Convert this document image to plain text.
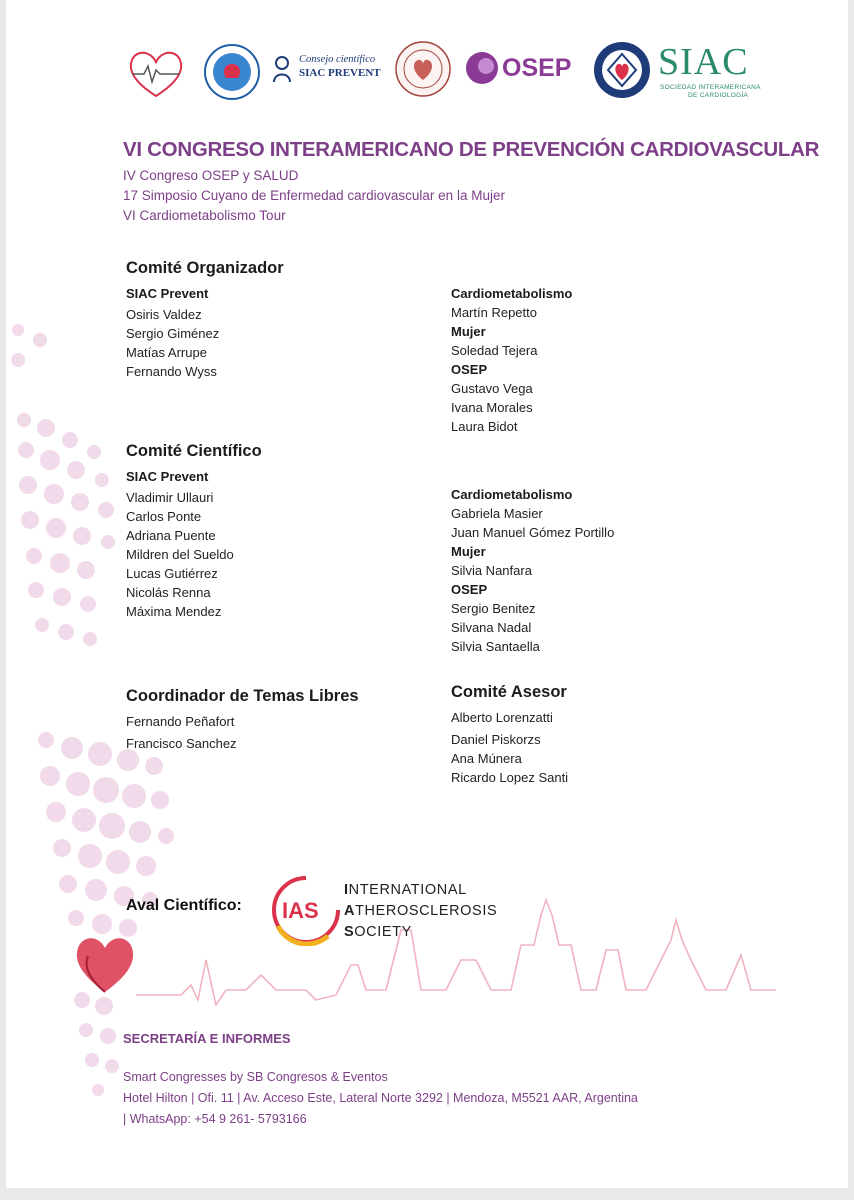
Consejo científico
SIAC PREVENT	OSEP SIAC
SOCIEDAD INTERAMERICANA
DE CARDIOLOGÍA
VI CONGRESO INTERAMERICANO DE PREVENCIÓN CARDIOVASCULAR
IV Congreso OSEP y SALUD
17 Simposio Cuyano de Enfermedad cardiovascular en la Mujer
VI Cardiometabolismo Tour
Comité Organizador
SIAC Prevent
Osiris Valdez
Sergio Giménez
Matías Arrupe
Fernando Wyss
Cardiometabolismo
Martín Repetto
Mujer
Soledad Tejera
OSEP
Gustavo Vega
Ivana Morales
Laura Bidot
Comité Científico
SIAC Prevent
Vladimir Ullauri
Carlos Ponte
Adriana Puente
Mildren del Sueldo
Lucas Gutiérrez
Nicolás Renna
Máxima Mendez
Cardiometabolismo
Gabriela Masier
Juan Manuel Gómez Portillo
Mujer
Silvia Nanfara
OSEP
Sergio Benitez
Silvana Nadal
Silvia Santaella
Coordinador de Temas Libres
Fernando Peñafort
Francisco Sanchez
Comité Asesor
Alberto Lorenzatti
Daniel Piskorzs
Ana Múnera
Ricardo Lopez Santi
Aval Científico: IAS
INTERNATIONAL
ATHEROSCLEROSIS
SOCIETY
SECRETARÍA E INFORMES
Smart Congresses by SB Congresos & Eventos
Hotel Hilton | Ofi. 11 | Av. Acceso Este, Lateral Norte 3292 | Mendoza, M5521 AAR, Argentina
| WhatsApp: +54 9 261- 5793166
